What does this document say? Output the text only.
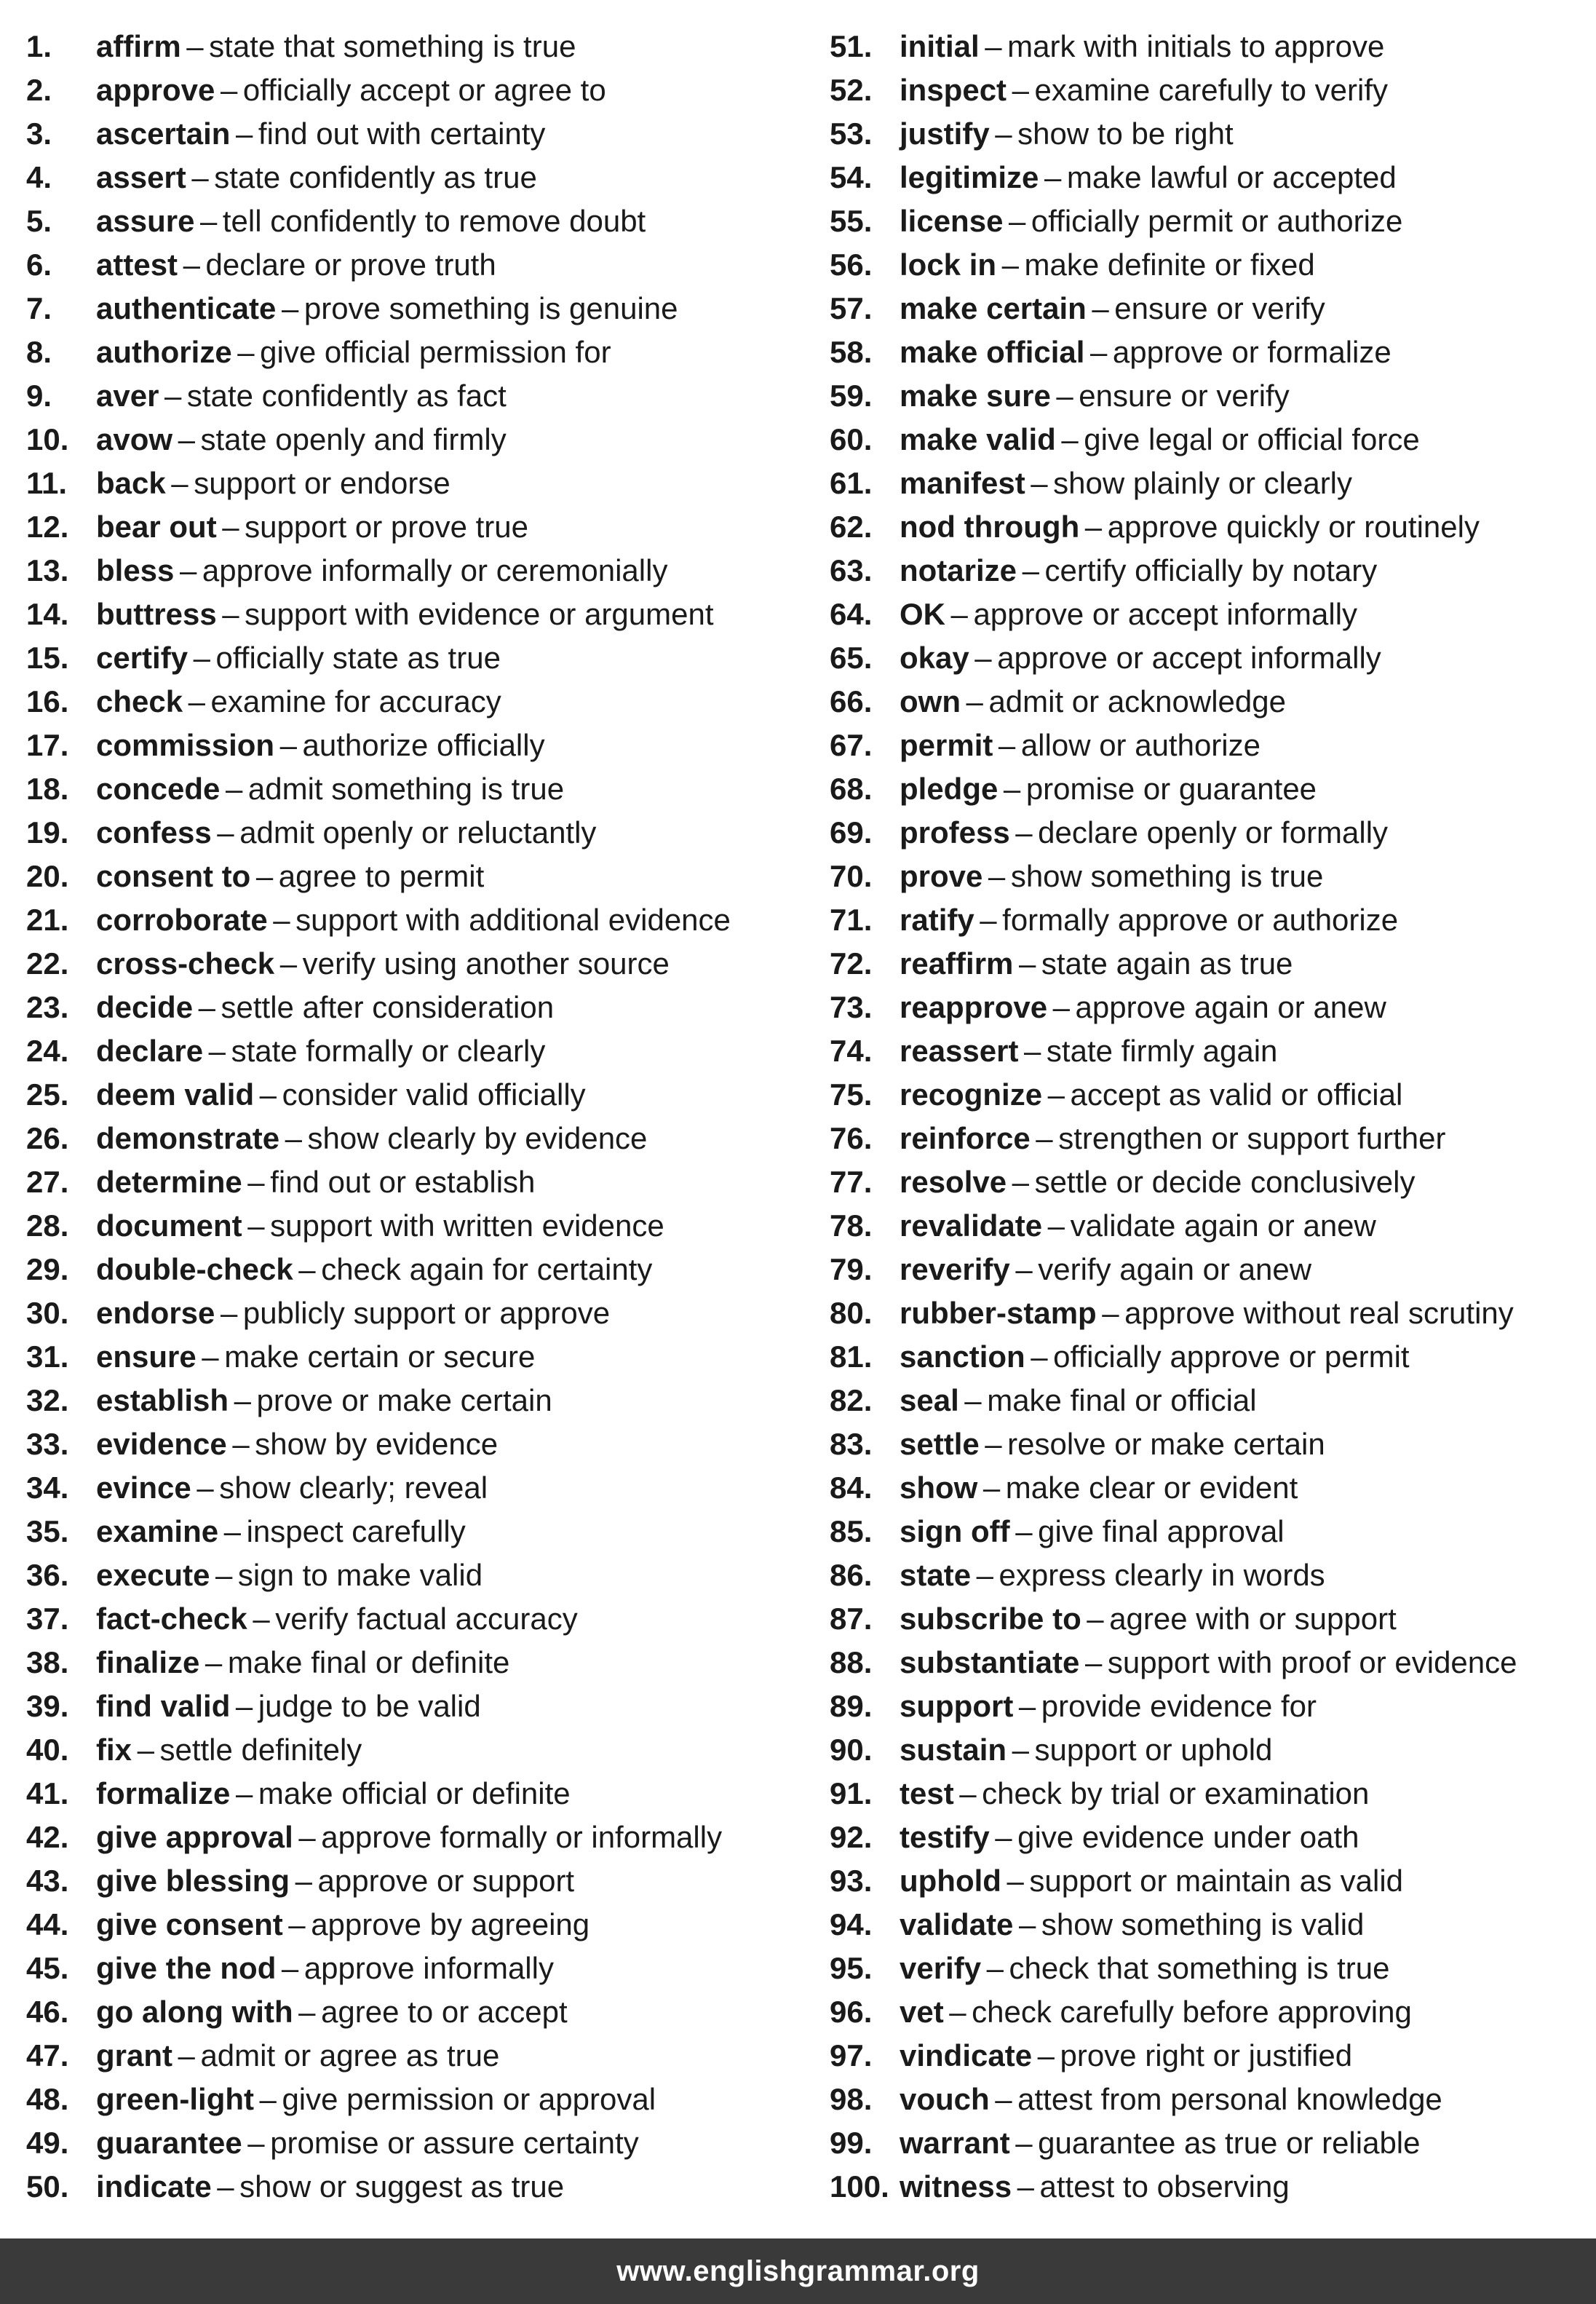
1. affirm – state that something is true
2. approve – officially accept or agree to
3. ascertain – find out with certainty
4. assert – state confidently as true
5. assure – tell confidently to remove doubt
6. attest – declare or prove truth
7. authenticate – prove something is genuine
8. authorize – give official permission for
9. aver – state confidently as fact
10. avow – state openly and firmly
11. back – support or endorse
12. bear out – support or prove true
13. bless – approve informally or ceremonially
14. buttress – support with evidence or argument
15. certify – officially state as true
16. check – examine for accuracy
17. commission – authorize officially
18. concede – admit something is true
19. confess – admit openly or reluctantly
20. consent to – agree to permit
21. corroborate – support with additional evidence
22. cross-check – verify using another source
23. decide – settle after consideration
24. declare – state formally or clearly
25. deem valid – consider valid officially
26. demonstrate – show clearly by evidence
27. determine – find out or establish
28. document – support with written evidence
29. double-check – check again for certainty
30. endorse – publicly support or approve
31. ensure – make certain or secure
32. establish – prove or make certain
33. evidence – show by evidence
34. evince – show clearly; reveal
35. examine – inspect carefully
36. execute – sign to make valid
37. fact-check – verify factual accuracy
38. finalize – make final or definite
39. find valid – judge to be valid
40. fix – settle definitely
41. formalize – make official or definite
42. give approval – approve formally or informally
43. give blessing – approve or support
44. give consent – approve by agreeing
45. give the nod – approve informally
46. go along with – agree to or accept
47. grant – admit or agree as true
48. green-light – give permission or approval
49. guarantee – promise or assure certainty
50. indicate – show or suggest as true
51. initial – mark with initials to approve
52. inspect – examine carefully to verify
53. justify – show to be right
54. legitimize – make lawful or accepted
55. license – officially permit or authorize
56. lock in – make definite or fixed
57. make certain – ensure or verify
58. make official – approve or formalize
59. make sure – ensure or verify
60. make valid – give legal or official force
61. manifest – show plainly or clearly
62. nod through – approve quickly or routinely
63. notarize – certify officially by notary
64. OK – approve or accept informally
65. okay – approve or accept informally
66. own – admit or acknowledge
67. permit – allow or authorize
68. pledge – promise or guarantee
69. profess – declare openly or formally
70. prove – show something is true
71. ratify – formally approve or authorize
72. reaffirm – state again as true
73. reapprove – approve again or anew
74. reassert – state firmly again
75. recognize – accept as valid or official
76. reinforce – strengthen or support further
77. resolve – settle or decide conclusively
78. revalidate – validate again or anew
79. reverify – verify again or anew
80. rubber-stamp – approve without real scrutiny
81. sanction – officially approve or permit
82. seal – make final or official
83. settle – resolve or make certain
84. show – make clear or evident
85. sign off – give final approval
86. state – express clearly in words
87. subscribe to – agree with or support
88. substantiate – support with proof or evidence
89. support – provide evidence for
90. sustain – support or uphold
91. test – check by trial or examination
92. testify – give evidence under oath
93. uphold – support or maintain as valid
94. validate – show something is valid
95. verify – check that something is true
96. vet – check carefully before approving
97. vindicate – prove right or justified
98. vouch – attest from personal knowledge
99. warrant – guarantee as true or reliable
100. witness – attest to observing
www.englishgrammar.org
